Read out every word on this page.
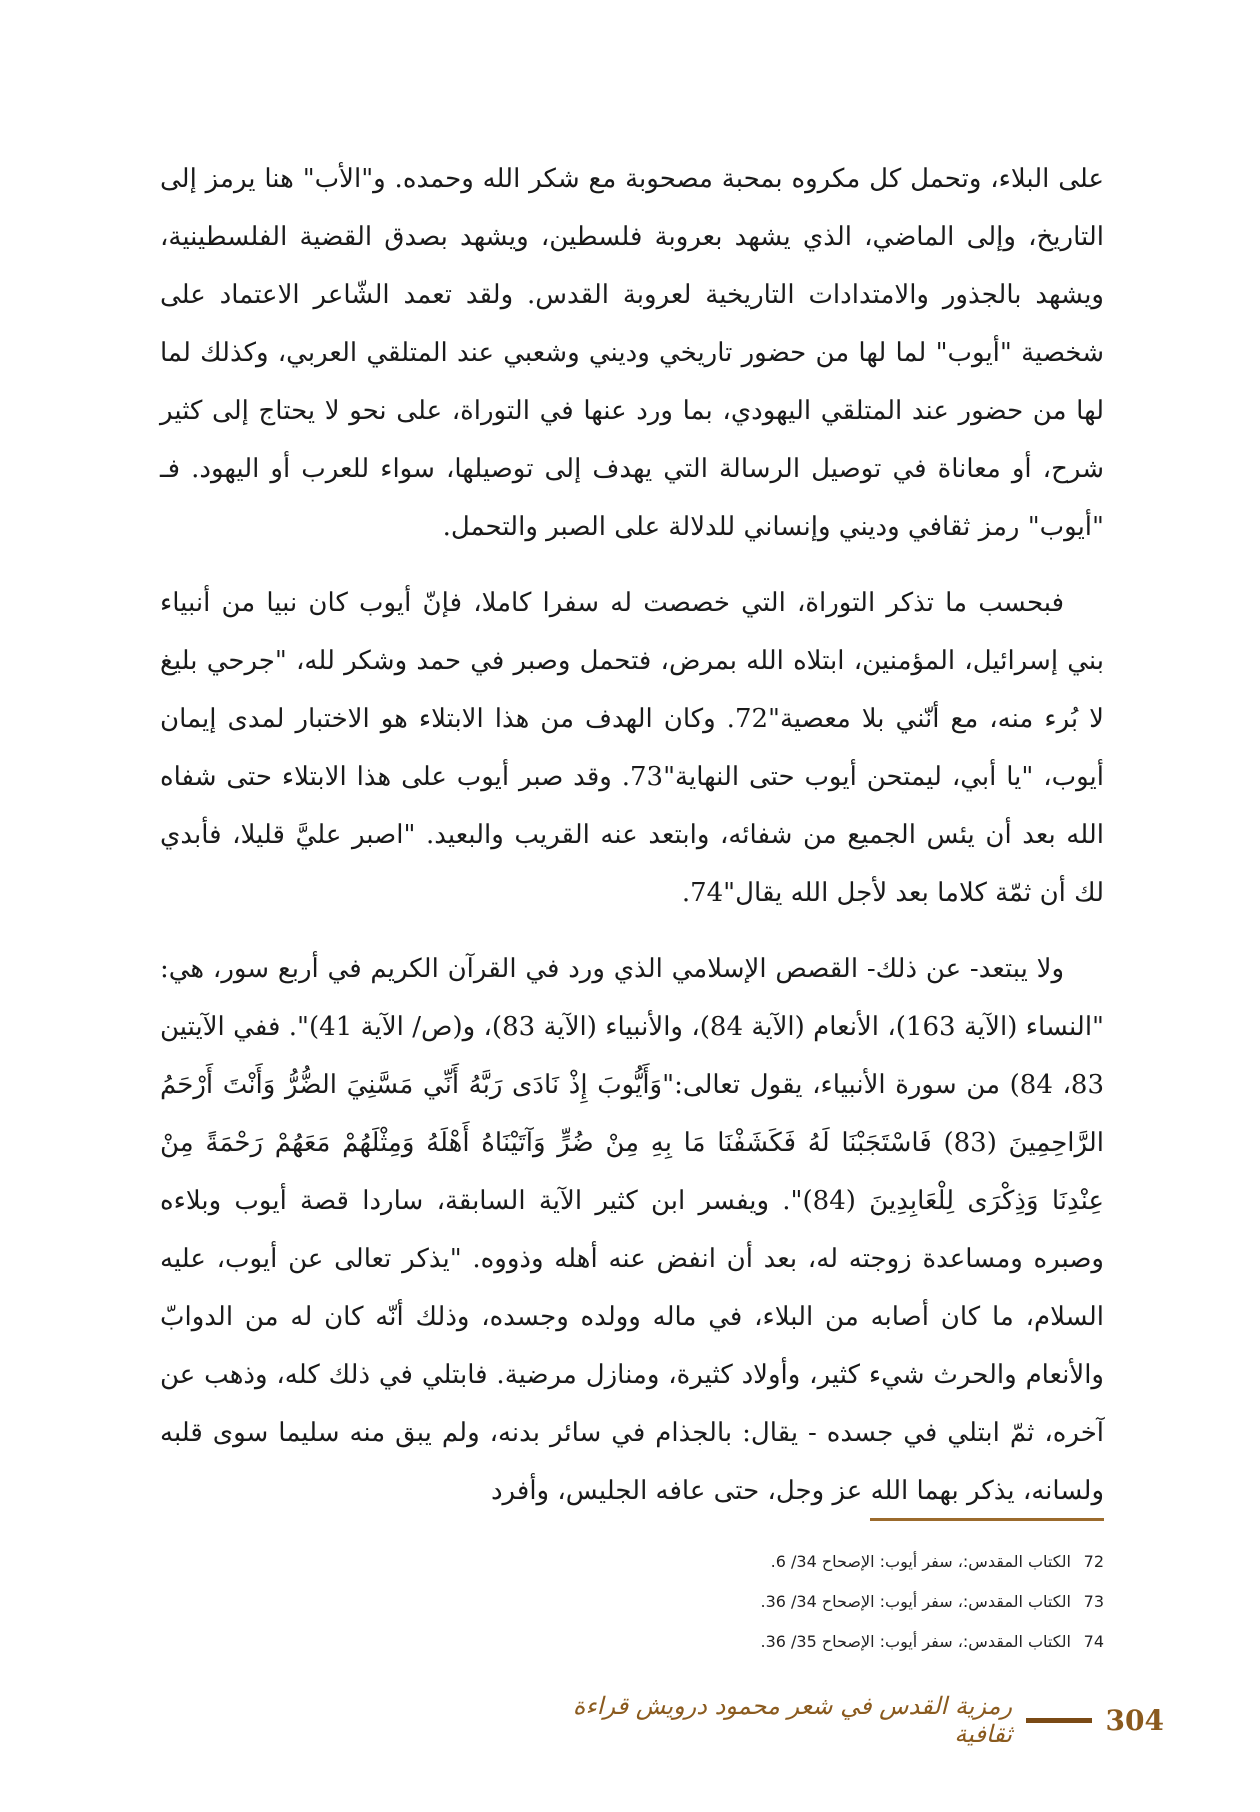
على البلاء، وتحمل كل مكروه بمحبة مصحوبة مع شكر الله وحمده. و"الأب" هنا يرمز إلى التاريخ، وإلى الماضي، الذي يشهد بعروبة فلسطين، ويشهد بصدق القضية الفلسطينية، ويشهد بالجذور والامتدادات التاريخية لعروبة القدس. ولقد تعمد الشّاعر الاعتماد على شخصية "أيوب" لما لها من حضور تاريخي وديني وشعبي عند المتلقي العربي، وكذلك لما لها من حضور عند المتلقي اليهودي، بما ورد عنها في التوراة، على نحو لا يحتاج إلى كثير شرح، أو معاناة في توصيل الرسالة التي يهدف إلى توصيلها، سواء للعرب أو اليهود. فـ "أيوب" رمز ثقافي وديني وإنساني للدلالة على الصبر والتحمل.

فبحسب ما تذكر التوراة، التي خصصت له سفرا كاملا، فإنّ أيوب كان نبيا من أنبياء بني إسرائيل، المؤمنين، ابتلاه الله بمرض، فتحمل وصبر في حمد وشكر لله، "جرحي بليغ لا بُرء منه، مع أنّني بلا معصية"72. وكان الهدف من هذا الابتلاء هو الاختبار لمدى إيمان أيوب، "يا أبي، ليمتحن أيوب حتى النهاية"73. وقد صبر أيوب على هذا الابتلاء حتى شفاه الله بعد أن يئس الجميع من شفائه، وابتعد عنه القريب والبعيد. "اصبر عليَّ قليلا، فأبدي لك أن ثمّة كلاما بعد لأجل الله يقال"74.

ولا يبتعد- عن ذلك- القصص الإسلامي الذي ورد في القرآن الكريم في أربع سور، هي: "النساء (الآية 163)، الأنعام (الآية 84)، والأنبياء (الآية 83)، و(ص/ الآية 41)". ففي الآيتين 83، 84) من سورة الأنبياء، يقول تعالى:"وَأَيُّوبَ إِذْ نَادَى رَبَّهُ أَنِّي مَسَّنِيَ الضُّرُّ وَأَنْتَ أَرْحَمُ الرَّاحِمِينَ (83) فَاسْتَجَبْنَا لَهُ فَكَشَفْنَا مَا بِهِ مِنْ ضُرٍّ وَآتَيْنَاهُ أَهْلَهُ وَمِثْلَهُمْ مَعَهُمْ رَحْمَةً مِنْ عِنْدِنَا وَذِكْرَى لِلْعَابِدِينَ (84)". ويفسر ابن كثير الآية السابقة، ساردا قصة أيوب وبلاءه وصبره ومساعدة زوجته له، بعد أن انفض عنه أهله وذووه. "يذكر تعالى عن أيوب، عليه السلام، ما كان أصابه من البلاء، في ماله وولده وجسده، وذلك أنّه كان له من الدوابّ والأنعام والحرث شيء كثير، وأولاد كثيرة، ومنازل مرضية. فابتلي في ذلك كله، وذهب عن آخره، ثمّ ابتلي في جسده - يقال: بالجذام في سائر بدنه، ولم يبق منه سليما سوى قلبه ولسانه، يذكر بهما الله عز وجل، حتى عافه الجليس، وأفرد

72 الكتاب المقدس:، سفر أيوب: الإصحاح 34/ 6.
73 الكتاب المقدس:، سفر أيوب: الإصحاح 34/ 36.
74 الكتاب المقدس:، سفر أيوب: الإصحاح 35/ 36.
304
رمزية القدس في شعر محمود درويش قراءة ثقافية
